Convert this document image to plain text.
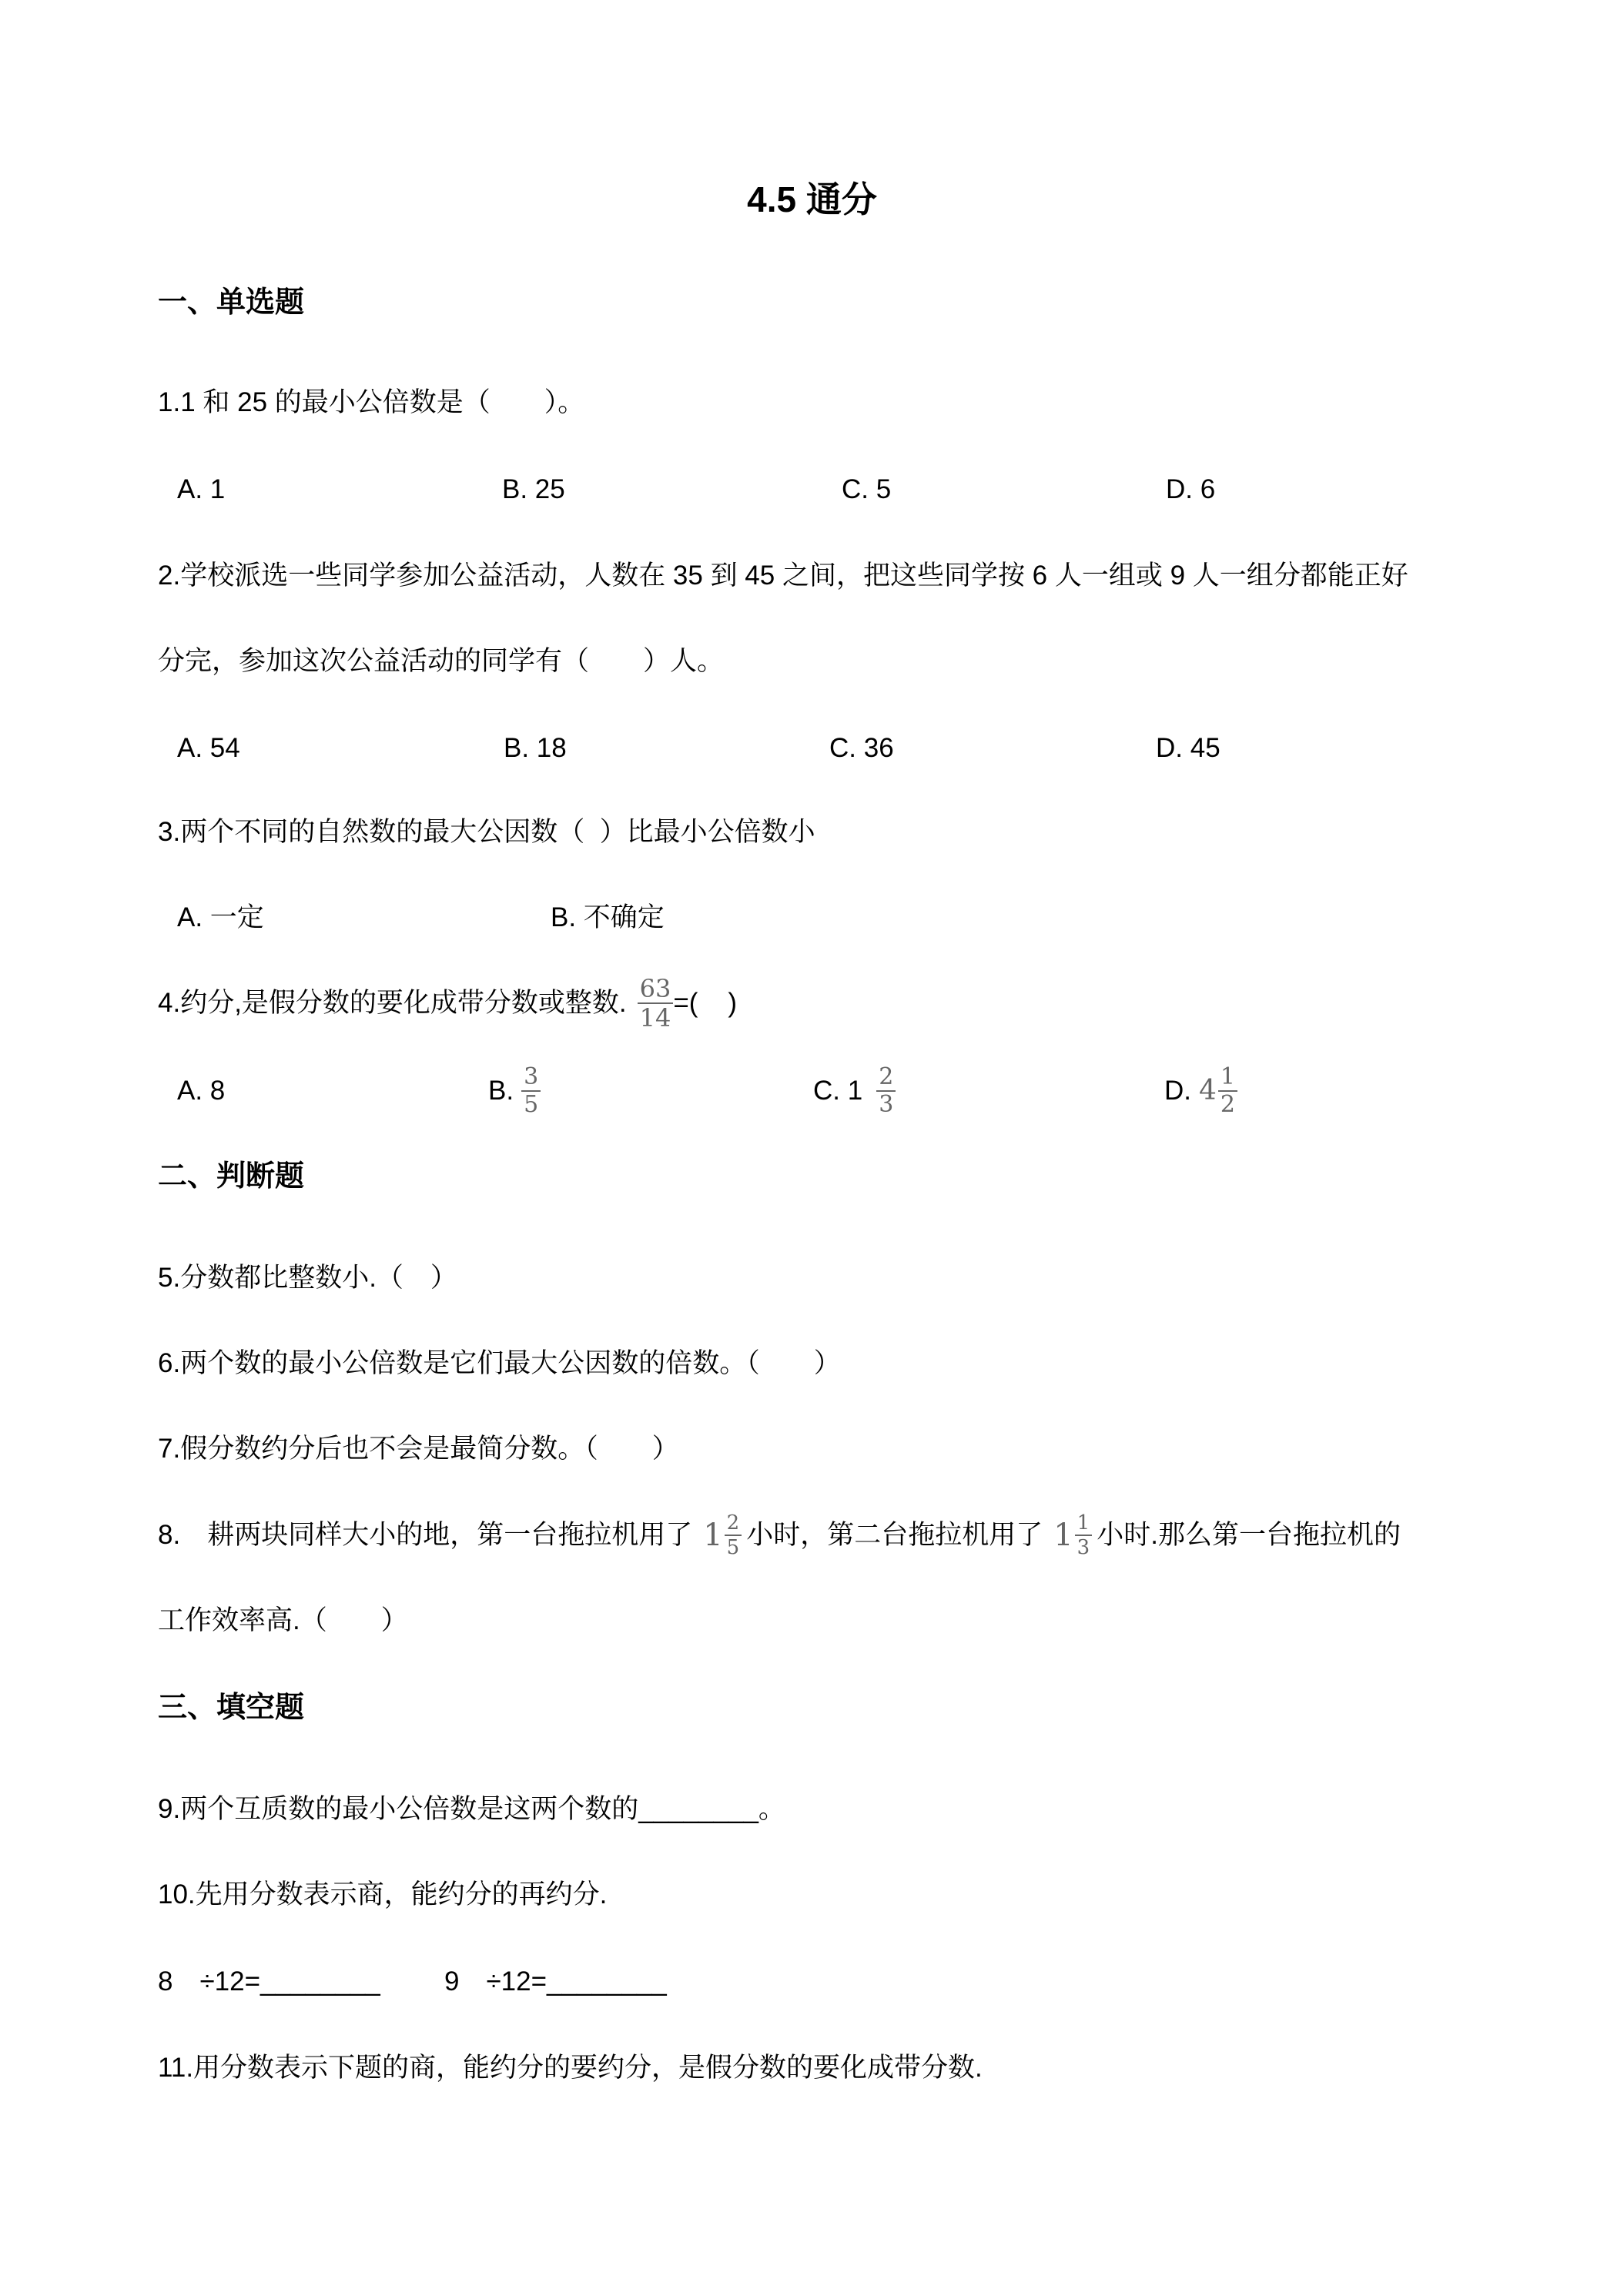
4.5 通分
一、单选题
1.1 和 25 的最小公倍数是（　　）。
A. 1	B. 25	C. 5	D. 6
2.学校派选一些同学参加公益活动，人数在 35 到 45 之间，把这些同学按 6 人一组或 9 人一组分都能正好
分完，参加这次公益活动的同学有（　　）人。
A. 54	B. 18	C. 36	D. 45
3.两个不同的自然数的最大公因数（  ）比最小公倍数小
A. 一定	B. 不确定
4.约分,是假分数的要化成带分数或整数. $\frac{63}{14}$ =(    )
A. 8	B. $\frac{3}{5}$	C. $1 \frac{2}{3}$	D. $4 \frac{1}{2}$
二、判断题
5.分数都比整数小.（　）
6.两个数的最小公倍数是它们最大公因数的倍数。（　　）
7.假分数约分后也不会是最简分数。（　　）
8.　耕两块同样大小的地，第一台拖拉机用了 $1 \frac{2}{5}$ 小时，第二台拖拉机用了 $1 \frac{1}{3}$ 小时.那么第一台拖拉机的
工作效率高.（　　）
三、填空题
9.两个互质数的最小公倍数是这两个数的________。
10.先用分数表示商，能约分的再约分.
8　÷12=________ 9　÷12=________
11.用分数表示下题的商，能约分的要约分，是假分数的要化成带分数.
